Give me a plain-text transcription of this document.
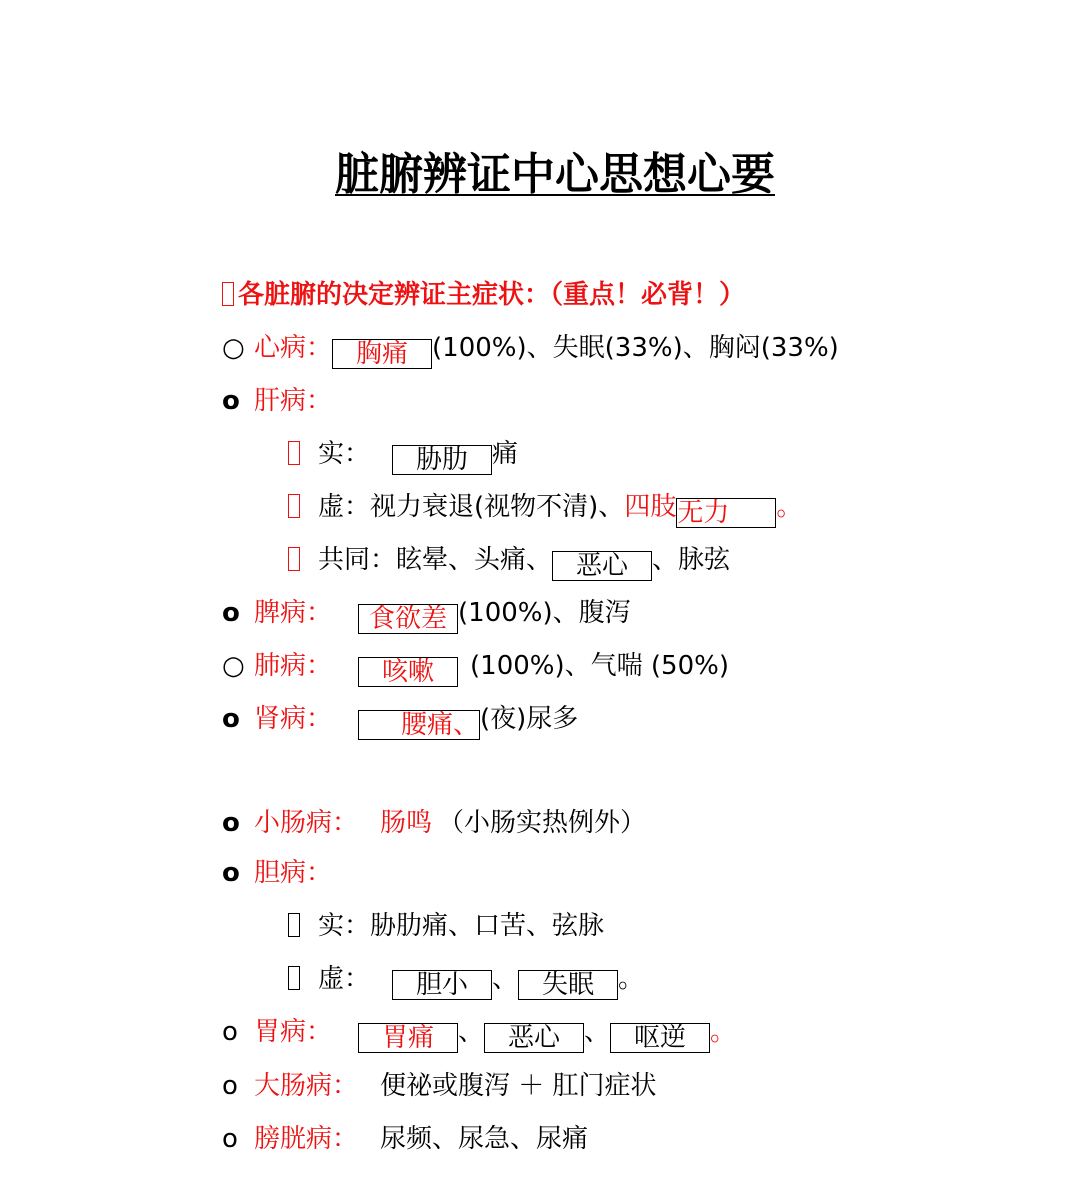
脏腑辨证中心思想心要
各脏腑的决定辨证主症状：（重点！必背！）
○ 心病： 胸痛 (100%)、失眠(33%)、胸闷(33%)
o 肝病：
实： 胁肋 痛
虚：视力衰退(视物不清)、四肢无力 。
共同：眩晕、头痛、 恶心 、脉弦
o 脾病： 食欲差 (100%)、腹泻
○ 肺病： 咳嗽 (100%)、气喘 (50%)
o 肾病：	腰痛、(夜)尿多
o 小肠病： 肠鸣 （小肠实热例外）
o 胆病：
实：胁肋痛、口苦、弦脉
虚： 胆小 、 失眠 。
o 胃病： 胃痛 、 恶心 、 呕逆 。
o 大肠病： 便祕或腹泻 ＋ 肛门症状
o 膀胱病： 尿频、尿急、尿痛
